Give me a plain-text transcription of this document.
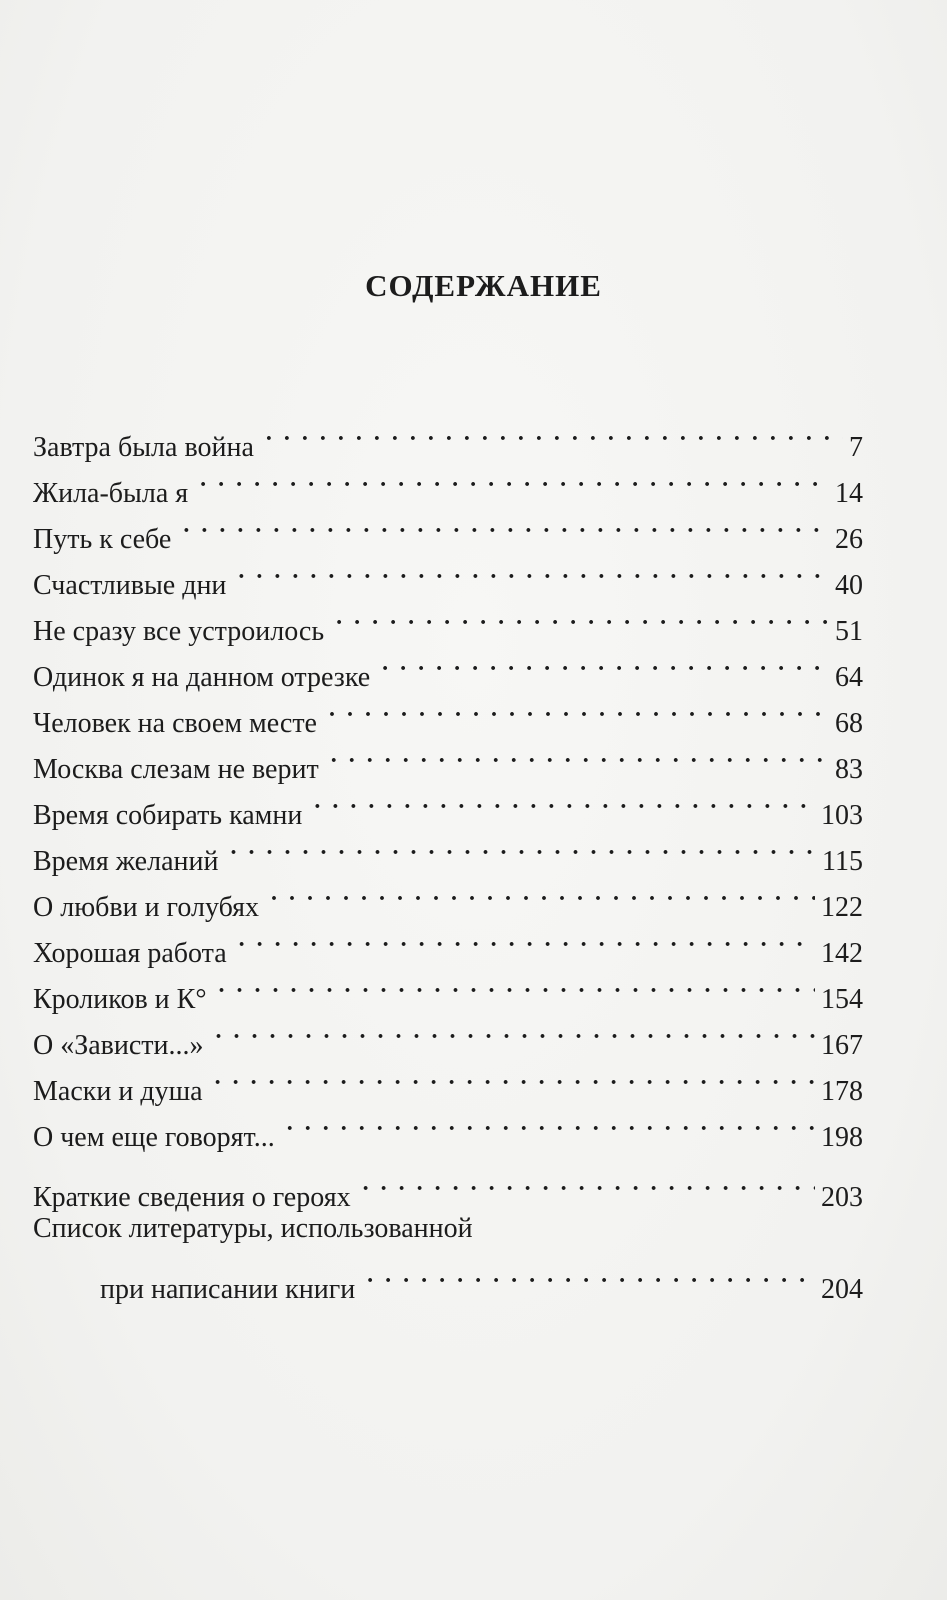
СОДЕРЖАНИЕ
Завтра была война . . .	7
Жила-была я . . .	14
Путь к себе . . .	26
Счастливые дни . . .	40
Не сразу все устроилось . . .	51
Одинок я на данном отрезке . . .	64
Человек на своем месте . . .	68
Москва слезам не верит . . .	83
Время собирать камни . . .	103
Время желаний . . .	115
О любви и голубях . . .	122
Хорошая работа . . .	142
Кроликов и К° . . .	154
О «Зависти...» . . .	167
Маски и душа . . .	178
О чем еще говорят... . . .	198
Краткие сведения о героях . . .	203
Список литературы, использованной
при написании книги . . .	204
